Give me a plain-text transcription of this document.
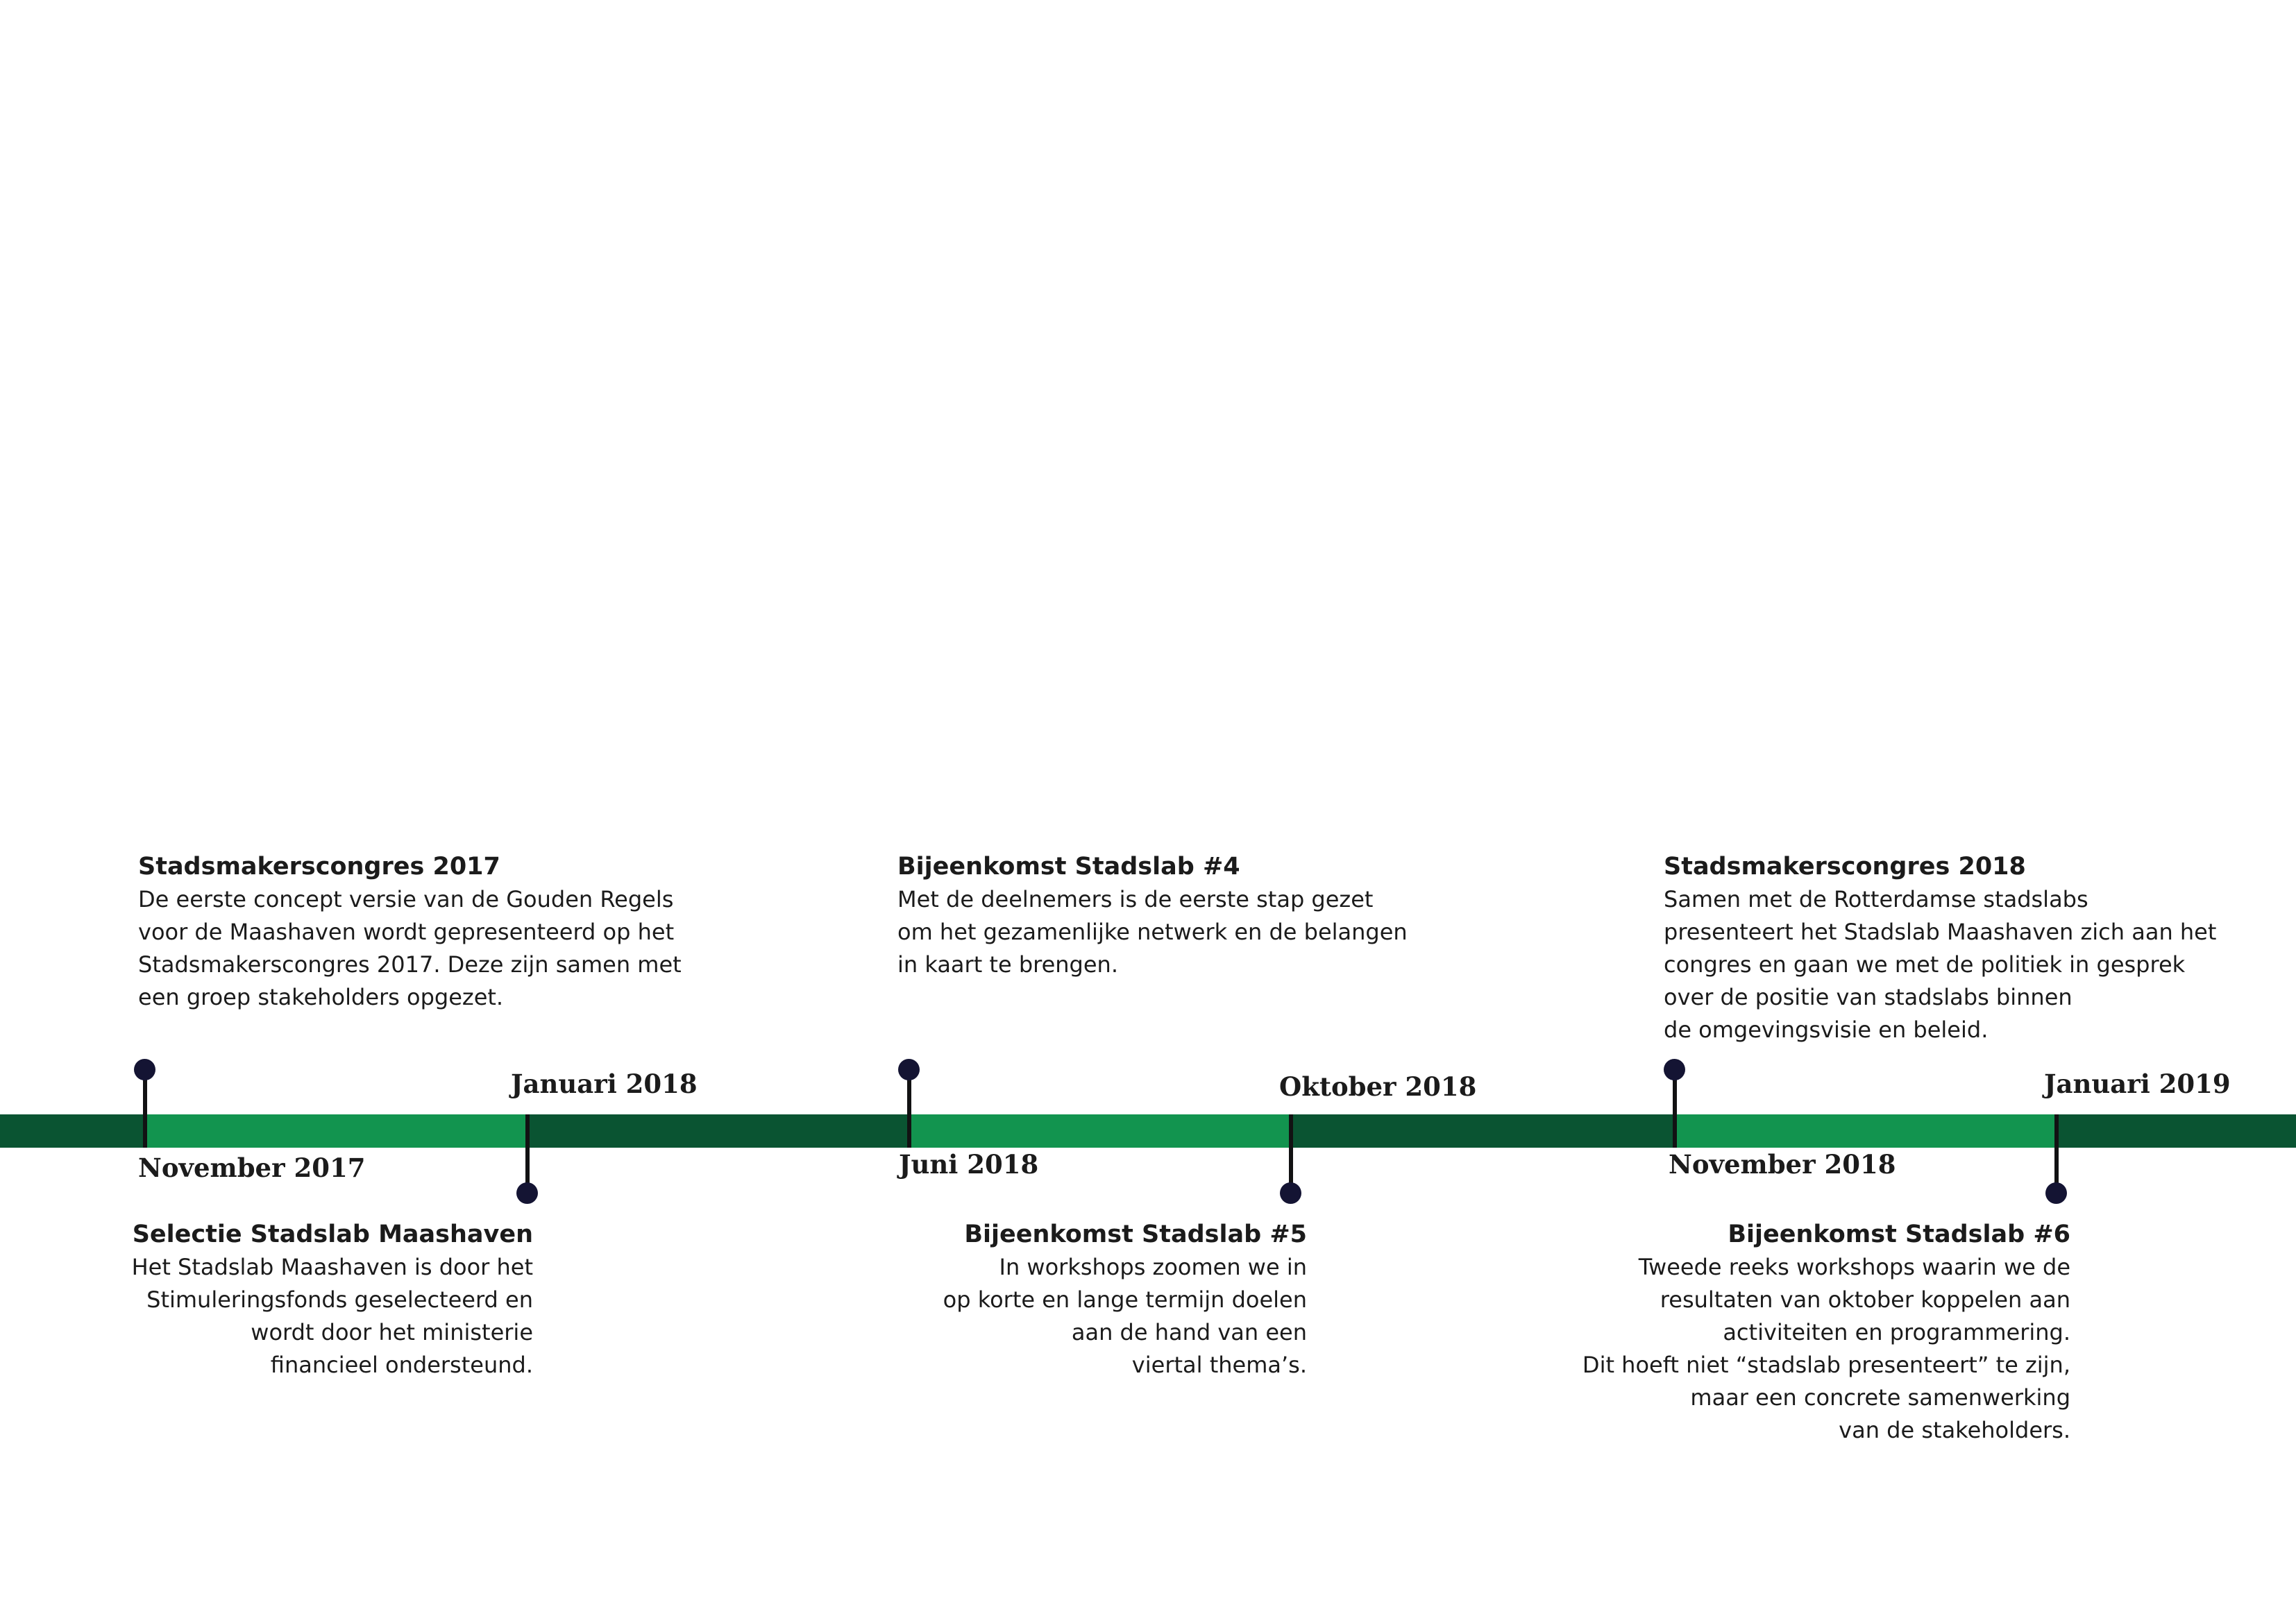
November 2017
Januari 2018
Juni 2018
Oktober 2018
November 2018
Januari 2019
Stadsmakerscongres 2017

De eerste concept versie van de Gouden Regels

voor de Maashaven wordt gepresenteerd op het

Stadsmakerscongres 2017. Deze zijn samen met

een groep stakeholders opgezet.

Bijeenkomst Stadslab #4

Met de deelnemers is de eerste stap gezet

om het gezamenlijke netwerk en de belangen

in kaart te brengen.

Stadsmakerscongres 2018

Samen met de Rotterdamse stadslabs

presenteert het Stadslab Maashaven zich aan het

congres en gaan we met de politiek in gesprek

over de positie van stadslabs binnen

de omgevingsvisie en beleid.

Selectie Stadslab Maashaven

Het Stadslab Maashaven is door het

Stimuleringsfonds geselecteerd en

wordt door het ministerie

financieel ondersteund.

Bijeenkomst Stadslab #5

In workshops zoomen we in

op korte en lange termijn doelen

aan de hand van een

viertal thema’s.

Bijeenkomst Stadslab #6

Tweede reeks workshops waarin we de

resultaten van oktober koppelen aan

activiteiten en programmering.

Dit hoeft niet “stadslab presenteert” te zijn,

maar een concrete samenwerking

van de stakeholders.
